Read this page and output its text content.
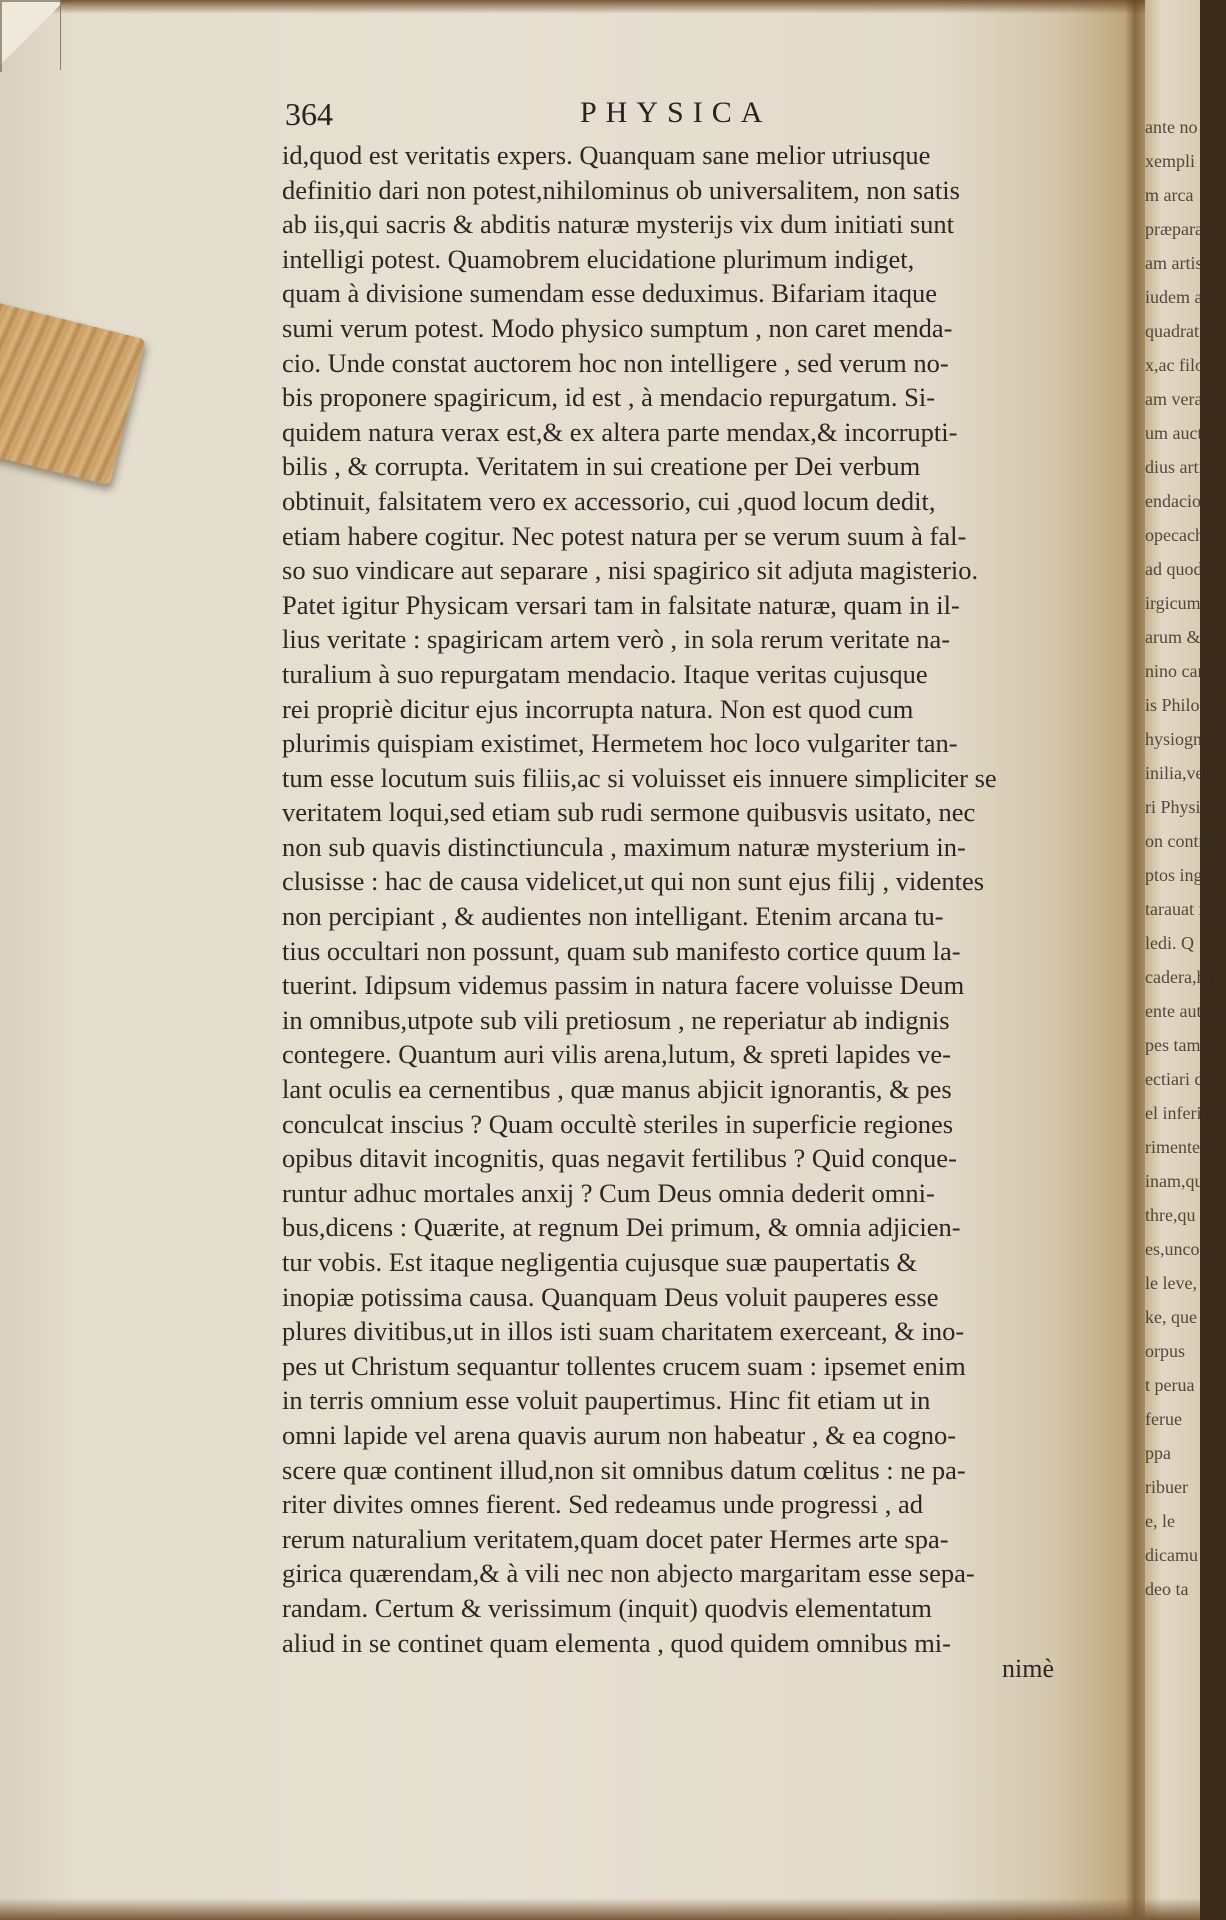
364	PHYSICA
id,quod est veritatis expers. Quanquam sane melior utriusque
definitio dari non potest,nihilominus ob universalitem, non satis
ab iis,qui sacris & abditis naturæ mysterijs vix dum initiati sunt
intelligi potest. Quamobrem elucidatione plurimum indiget,
quam à divisione sumendam esse deduximus. Bifariam itaque
sumi verum potest. Modo physico sumptum , non caret menda-
cio. Unde constat auctorem hoc non intelligere , sed verum no-
bis proponere spagiricum, id est , à mendacio repurgatum. Si-
quidem natura verax est,& ex altera parte mendax,& incorrupti-
bilis , & corrupta. Veritatem in sui creatione per Dei verbum
obtinuit, falsitatem vero ex accessorio, cui ,quod locum dedit,
etiam habere cogitur. Nec potest natura per se verum suum à fal-
so suo vindicare aut separare , nisi spagirico sit adjuta magisterio.
Patet igitur Physicam versari tam in falsitate naturæ, quam in il-
lius veritate : spagiricam artem verò , in sola rerum veritate na-
turalium à suo repurgatam mendacio. Itaque veritas cujusque
rei propriè dicitur ejus incorrupta natura. Non est quod cum
plurimis quispiam existimet, Hermetem hoc loco vulgariter tan-
tum esse locutum suis filiis,ac si voluisset eis innuere simpliciter se
veritatem loqui,sed etiam sub rudi sermone quibusvis usitato, nec
non sub quavis distinctiuncula , maximum naturæ mysterium in-
clusisse : hac de causa videlicet,ut qui non sunt ejus filij , videntes
non percipiant , & audientes non intelligant. Etenim arcana tu-
tius occultari non possunt, quam sub manifesto cortice quum la-
tuerint. Idipsum videmus passim in natura facere voluisse Deum
in omnibus,utpote sub vili pretiosum , ne reperiatur ab indignis
contegere. Quantum auri vilis arena,lutum, & spreti lapides ve-
lant oculis ea cernentibus , quæ manus abjicit ignorantis, & pes
conculcat inscius ? Quam occultè steriles in superficie regiones
opibus ditavit incognitis, quas negavit fertilibus ? Quid conque-
runtur adhuc mortales anxij ? Cum Deus omnia dederit omni-
bus,dicens : Quærite, at regnum Dei primum, & omnia adjicien-
tur vobis. Est itaque negligentia cujusque suæ paupertatis &
inopiæ potissima causa. Quanquam Deus voluit pauperes esse
plures divitibus,ut in illos isti suam charitatem exerceant, & ino-
pes ut Christum sequantur tollentes crucem suam : ipsemet enim
in terris omnium esse voluit paupertimus. Hinc fit etiam ut in
omni lapide vel arena quavis aurum non habeatur , & ea cogno-
scere quæ continent illud,non sit omnibus datum cœlitus : ne pa-
riter divites omnes fierent. Sed redeamus unde progressi , ad
rerum naturalium veritatem,quam docet pater Hermes arte spa-
girica quærendam,& à vili nec non abjecto margaritam esse sepa-
randam. Certum & verissimum (inquit) quodvis elementatum
aliud in se continet quam elementa , quod quidem omnibus mi-
nimè
ante no
xempli
m arca
præpara
am artis
iudem ar
quadrati
x,ac filo
am veran
um aucto
dius artis
endacio r
opecacho
ad quodd
irgicum
arum & v
nino carer
is Philosop
hysiognon
inilia,vel
ri Physicos
on contrud
ptos ingred
tarauat ind
ledi. Q
cadera,hi
ente aut co
pes tamer
ectiari de
el inferior
rimenter
inam,qu
thre,qu
es,uncor
le leve,
ke, que
orpus
t perua
ferue
ppa
ribuer
e, le
dicamu
deo ta
